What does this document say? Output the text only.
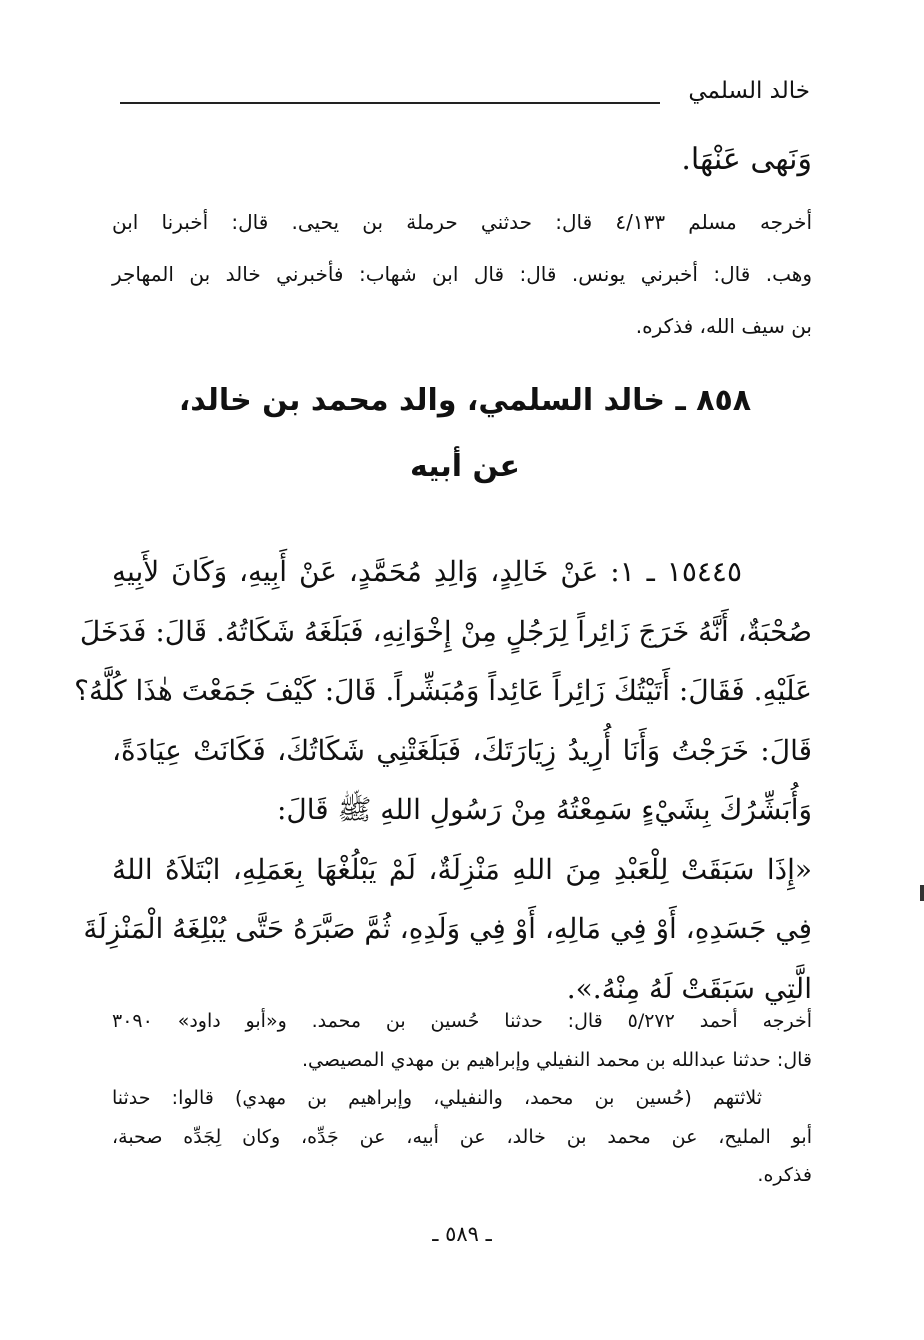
خالد السلمي
وَنَهى عَنْهَا.
أخرجه مسلم ٤/١٣٣ قال: حدثني حرملة بن يحيى. قال: أخبرنا ابن
وهب. قال: أخبرني يونس. قال: قال ابن شهاب: فأخبرني خالد بن المهاجر
بن سيف الله، فذكره.
٨٥٨ ـ خالد السلمي، والد محمد بن خالد،
عن أبيه
١٥٤٤٥ ـ ١: عَنْ خَالِدٍ، وَالِدِ مُحَمَّدٍ، عَنْ أَبِيهِ، وَكَانَ لأَبِيهِ
صُحْبَةٌ، أَنَّهُ خَرَجَ زَائِراً لِرَجُلٍ مِنْ إِخْوَانِهِ، فَبَلَغَهُ شَكَاتُهُ. قَالَ: فَدَخَلَ
عَلَيْهِ. فَقَالَ: أَتَيْتُكَ زَائِراً عَائِداً وَمُبَشِّراً. قَالَ: كَيْفَ جَمَعْتَ هٰذَا كُلَّهُ؟
قَالَ: خَرَجْتُ وَأَنَا أُرِيدُ زِيَارَتَكَ، فَبَلَغَتْنِي شَكَاتُكَ، فَكَانَتْ عِيَادَةً،
وَأُبَشِّرُكَ بِشَيْءٍ سَمِعْتُهُ مِنْ رَسُولِ اللهِ ﷺ قَالَ:
«إِذَا سَبَقَتْ لِلْعَبْدِ مِنَ اللهِ مَنْزِلَةٌ، لَمْ يَبْلُغْهَا بِعَمَلِهِ، ابْتَلاَهُ اللهُ
فِي جَسَدِهِ، أَوْ فِي مَالِهِ، أَوْ فِي وَلَدِهِ، ثُمَّ صَبَّرَهُ حَتَّى يُبْلِغَهُ الْمَنْزِلَةَ
الَّتِي سَبَقَتْ لَهُ مِنْهُ.».
أخرجه أحمد ٥/٢٧٢ قال: حدثنا حُسين بن محمد. و«أبو داود» ٣٠٩٠
قال: حدثنا عبدالله بن محمد النفيلي وإبراهيم بن مهدي المصيصي.
ثلاثتهم (حُسين بن محمد، والنفيلي، وإبراهيم بن مهدي) قالوا: حدثنا
أبو المليح، عن محمد بن خالد، عن أبيه، عن جَدِّه، وكان لِجَدِّه صحبة،
فذكره.
ـ ٥٨٩ ـ
